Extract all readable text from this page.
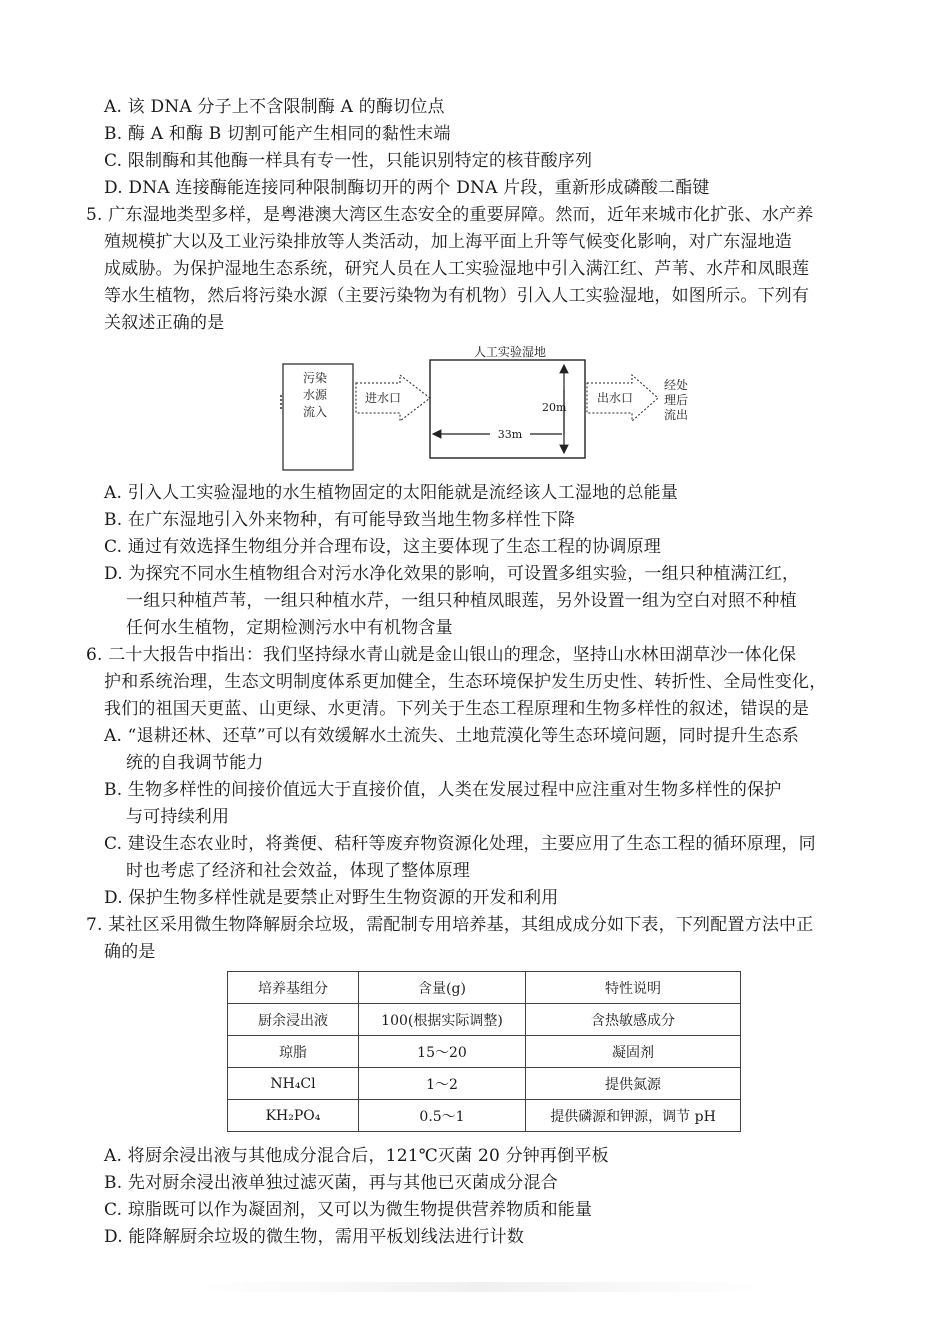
A. 该 DNA 分子上不含限制酶 A 的酶切位点
B. 酶 A 和酶 B 切割可能产生相同的黏性末端
C. 限制酶和其他酶一样具有专一性，只能识别特定的核苷酸序列
D. DNA 连接酶能连接同种限制酶切开的两个 DNA 片段，重新形成磷酸二酯键
5. 广东湿地类型多样，是粤港澳大湾区生态安全的重要屏障。然而，近年来城市化扩张、水产养
殖规模扩大以及工业污染排放等人类活动，加上海平面上升等气候变化影响，对广东湿地造
成威胁。为保护湿地生态系统，研究人员在人工实验湿地中引入满江红、芦苇、水芹和凤眼莲
等水生植物，然后将污染水源（主要污染物为有机物）引入人工实验湿地，如图所示。下列有
关叙述正确的是
污染
水源
流入
进水口
人工实验湿地
20m
33m
出水口
经处
理后
流出
A. 引入人工实验湿地的水生植物固定的太阳能就是流经该人工湿地的总能量
B. 在广东湿地引入外来物种，有可能导致当地生物多样性下降
C. 通过有效选择生物组分并合理布设，这主要体现了生态工程的协调原理
D. 为探究不同水生植物组合对污水净化效果的影响，可设置多组实验，一组只种植满江红，
一组只种植芦苇，一组只种植水芹，一组只种植凤眼莲，另外设置一组为空白对照不种植
任何水生植物，定期检测污水中有机物含量
6. 二十大报告中指出：我们坚持绿水青山就是金山银山的理念，坚持山水林田湖草沙一体化保
护和系统治理，生态文明制度体系更加健全，生态环境保护发生历史性、转折性、全局性变化，
我们的祖国天更蓝、山更绿、水更清。下列关于生态工程原理和生物多样性的叙述，错误的是
A. “退耕还林、还草”可以有效缓解水土流失、土地荒漠化等生态环境问题，同时提升生态系
统的自我调节能力
B. 生物多样性的间接价值远大于直接价值，人类在发展过程中应注重对生物多样性的保护
与可持续利用
C. 建设生态农业时，将粪便、秸秆等废弃物资源化处理，主要应用了生态工程的循环原理，同
时也考虑了经济和社会效益，体现了整体原理
D. 保护生物多样性就是要禁止对野生生物资源的开发和利用
7. 某社区采用微生物降解厨余垃圾，需配制专用培养基，其组成成分如下表，下列配置方法中正
确的是
培养基组分	含量(g)	特性说明
厨余浸出液	100(根据实际调整)	含热敏感成分
琼脂	15～20	凝固剂
NH₄Cl	1～2	提供氮源
KH₂PO₄	0.5～1	提供磷源和钾源，调节 pH
A. 将厨余浸出液与其他成分混合后，121℃灭菌 20 分钟再倒平板
B. 先对厨余浸出液单独过滤灭菌，再与其他已灭菌成分混合
C. 琼脂既可以作为凝固剂，又可以为微生物提供营养物质和能量
D. 能降解厨余垃圾的微生物，需用平板划线法进行计数
